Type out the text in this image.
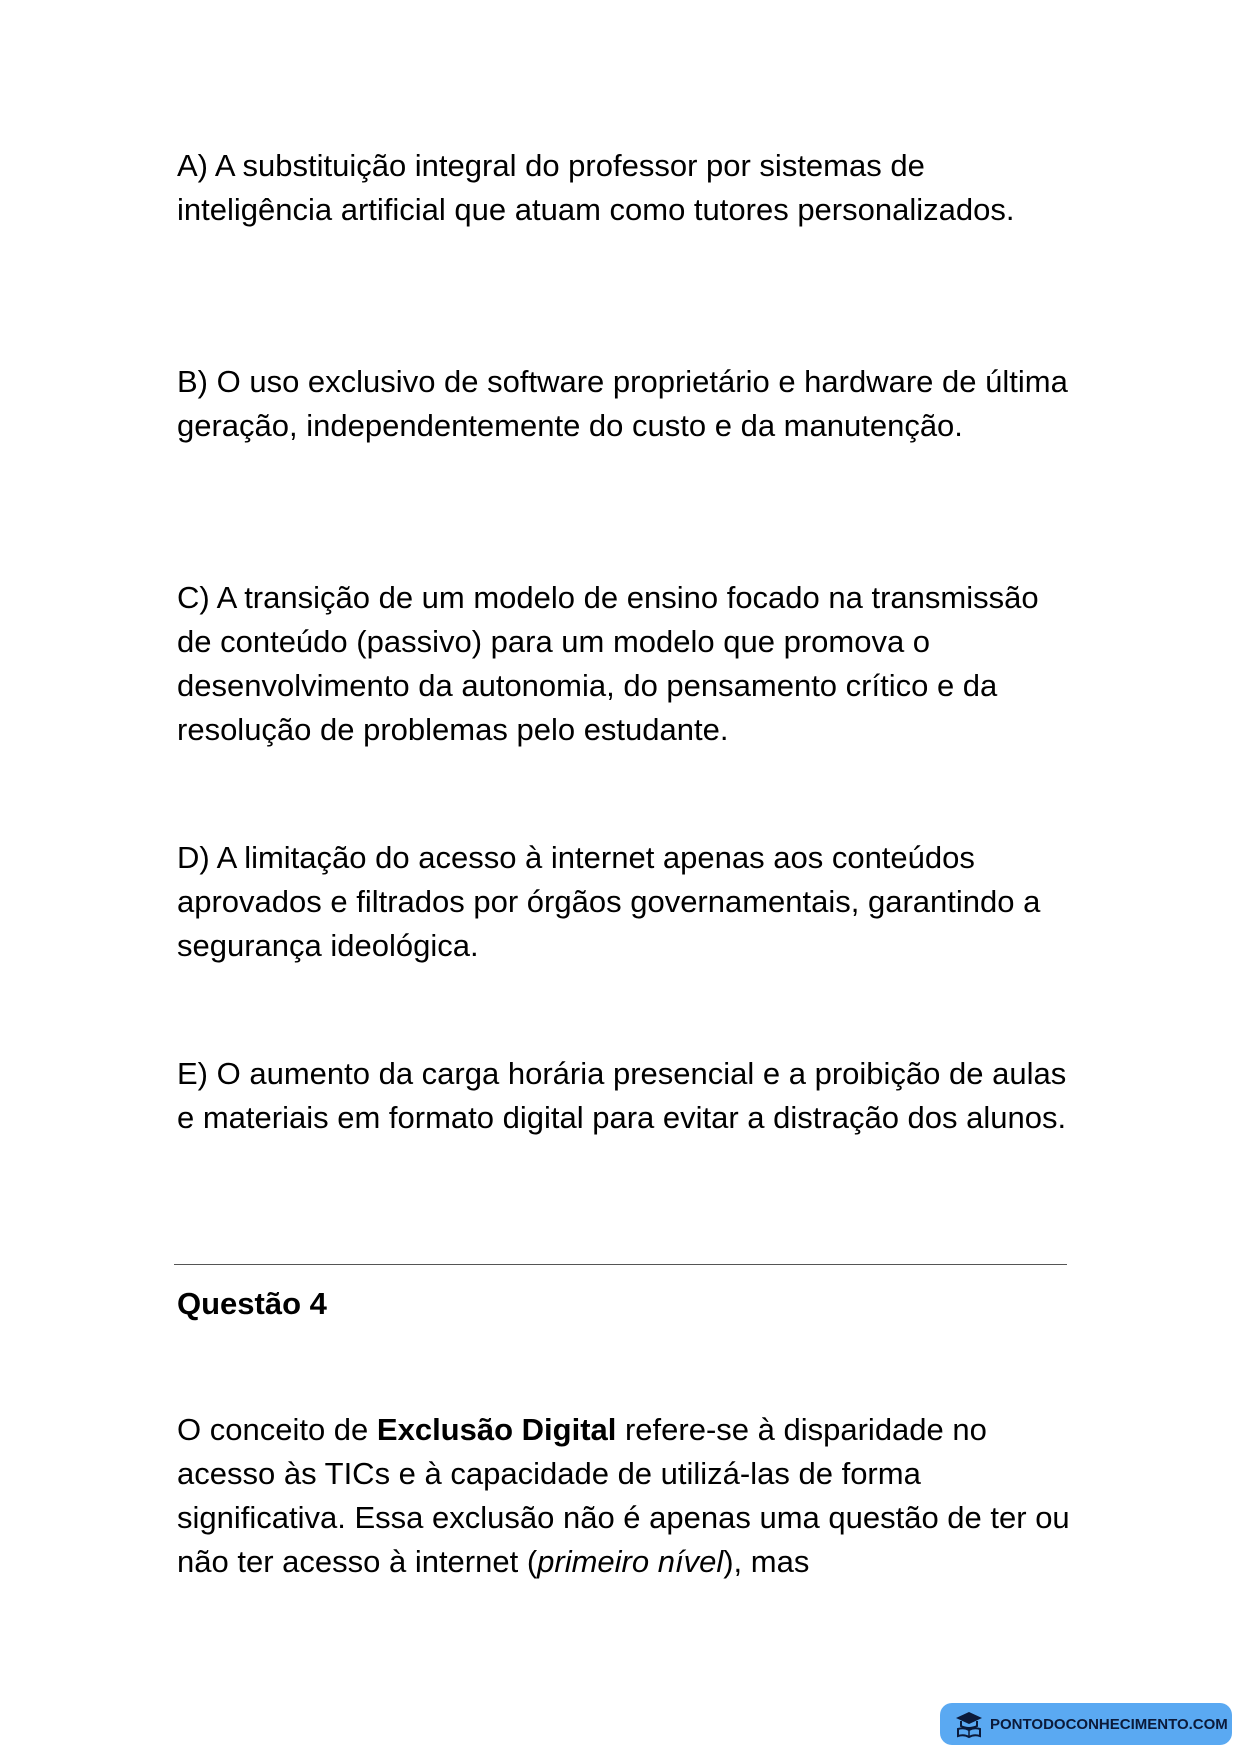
A) A substituição integral do professor por sistemas de inteligência artificial que atuam como tutores personalizados.

B) O uso exclusivo de software proprietário e hardware de última geração, independentemente do custo e da manutenção.

C) A transição de um modelo de ensino focado na transmissão de conteúdo (passivo) para um modelo que promova o desenvolvimento da autonomia, do pensamento crítico e da resolução de problemas pelo estudante.

D) A limitação do acesso à internet apenas aos conteúdos aprovados e filtrados por órgãos governamentais, garantindo a segurança ideológica.

E) O aumento da carga horária presencial e a proibição de aulas e materiais em formato digital para evitar a distração dos alunos.

Questão 4

O conceito de Exclusão Digital refere-se à disparidade no acesso às TICs e à capacidade de utilizá-las de forma significativa. Essa exclusão não é apenas uma questão de ter ou não ter acesso à internet (primeiro nível), mas

PONTODOCONHECIMENTO.COM
